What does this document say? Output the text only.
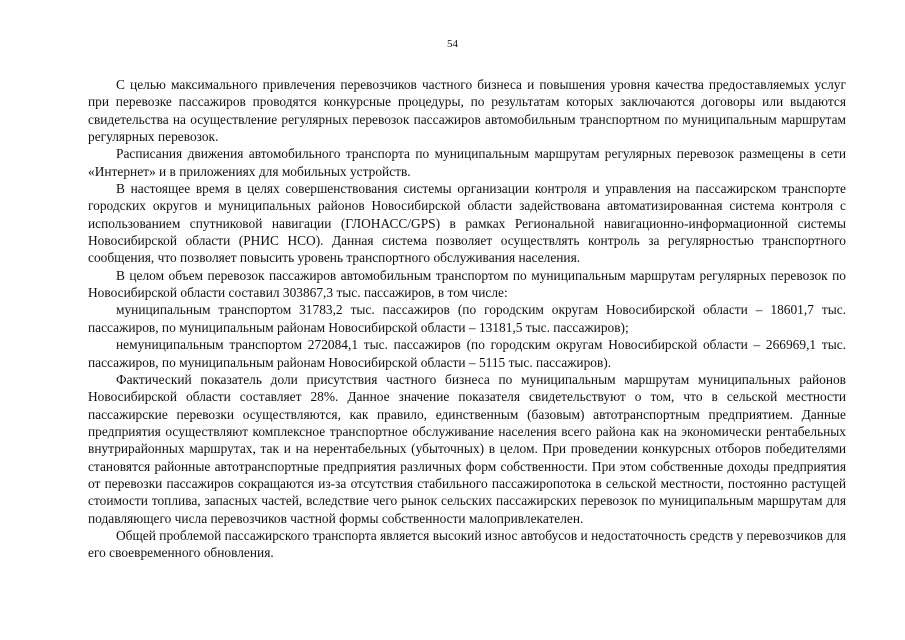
54

С целью максимального привлечения перевозчиков частного бизнеса и повышения уровня качества предоставляемых услуг при перевозке пассажиров проводятся конкурсные процедуры, по результатам которых заключаются договоры или выдаются свидетельства на осуществление регулярных перевозок пассажиров автомобильным транспортном по муниципальным маршрутам регулярных перевозок.

Расписания движения автомобильного транспорта по муниципальным маршрутам регулярных перевозок размещены в сети «Интернет» и в приложениях для мобильных устройств.

В настоящее время в целях совершенствования системы организации контроля и управления на пассажирском транспорте городских округов и муниципальных районов Новосибирской области задействована автоматизированная система контроля с использованием спутниковой навигации (ГЛОНАСС/GPS) в рамках Региональной навигационно-информационной системы Новосибирской области (РНИС НСО). Данная система позволяет осуществлять контроль за регулярностью транспортного сообщения, что позволяет повысить уровень транспортного обслуживания населения.

В целом объем перевозок пассажиров автомобильным транспортом по муниципальным маршрутам регулярных перевозок по Новосибирской области составил 303867,3 тыс. пассажиров, в том числе:

муниципальным транспортом 31783,2 тыс. пассажиров (по городским округам Новосибирской области – 18601,7 тыс. пассажиров, по муниципальным районам Новосибирской области – 13181,5 тыс. пассажиров);

немуниципальным транспортом 272084,1 тыс. пассажиров (по городским округам Новосибирской области – 266969,1 тыс. пассажиров, по муниципальным районам Новосибирской области – 5115 тыс. пассажиров).

Фактический показатель доли присутствия частного бизнеса по муниципальным маршрутам муниципальных районов Новосибирской области составляет 28%. Данное значение показателя свидетельствуют о том, что в сельской местности пассажирские перевозки осуществляются, как правило, единственным (базовым) автотранспортным предприятием. Данные предприятия осуществляют комплексное транспортное обслуживание населения всего района как на экономически рентабельных внутрирайонных маршрутах, так и на нерентабельных (убыточных) в целом. При проведении конкурсных отборов победителями становятся районные автотранспортные предприятия различных форм собственности. При этом собственные доходы предприятия от перевозки пассажиров сокращаются из-за отсутствия стабильного пассажиропотока в сельской местности, постоянно растущей стоимости топлива, запасных частей, вследствие чего рынок сельских пассажирских перевозок по муниципальным маршрутам для подавляющего числа перевозчиков частной формы собственности малопривлекателен.

Общей проблемой пассажирского транспорта является высокий износ автобусов и недостаточность средств у перевозчиков для его своевременного обновления.
